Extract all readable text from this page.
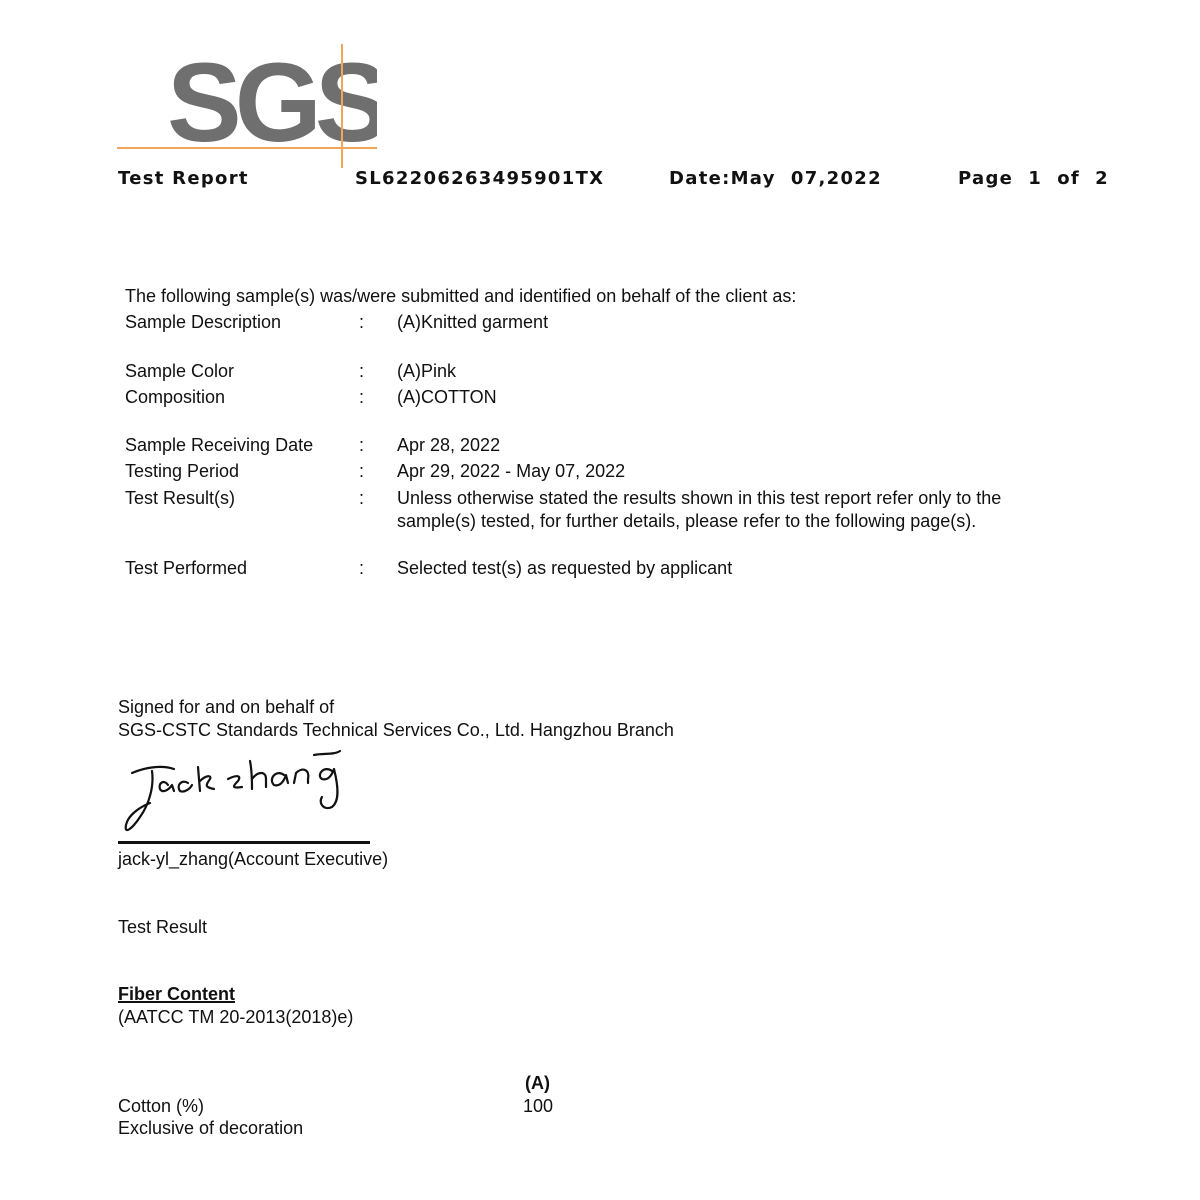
SGS
Test Report	SL62206263495901TX	Date:May  07,2022	Page  1  of  2
The following sample(s) was/were submitted and identified on behalf of the client as:
Sample Description	: (A)Knitted garment
Sample Color	: (A)Pink
Composition	: (A)COTTON
Sample Receiving Date	: Apr 28, 2022
Testing Period	: Apr 29, 2022 - May 07, 2022
Test Result(s)	: Unless otherwise stated the results shown in this test report refer only to the
sample(s) tested, for further details, please refer to the following page(s).
Test Performed	: Selected test(s) as requested by applicant
Signed for and on behalf of
SGS-CSTC Standards Technical Services Co., Ltd. Hangzhou Branch
jack-yl_zhang(Account Executive)
Test Result
Fiber Content
(AATCC TM 20-2013(2018)e)
(A)
Cotton (%)	100
Exclusive of decoration
